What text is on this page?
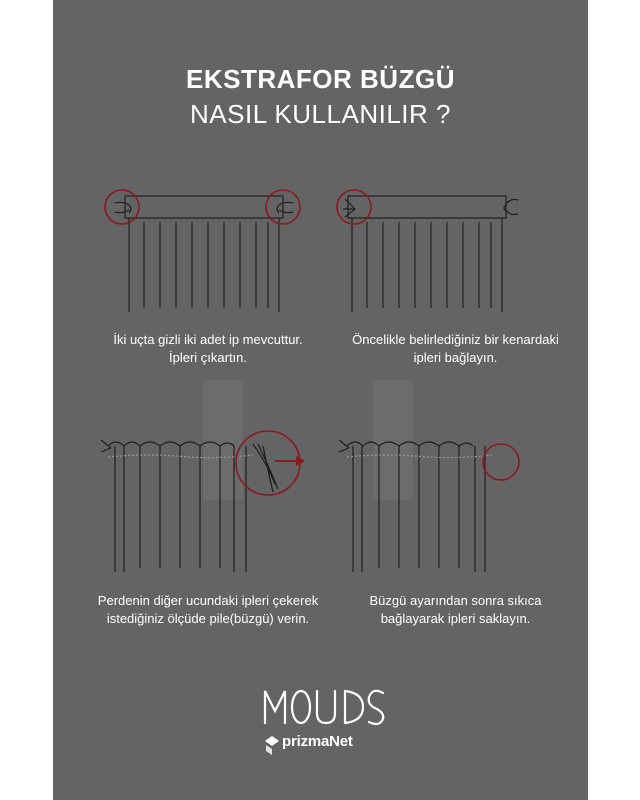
EKSTRAFOR BÜZGÜ
NASIL KULLANILIR ?
İki uçta gizli iki adet ip mevcuttur.
İpleri çıkartın.
Öncelikle belirlediğiniz bir kenardaki
ipleri bağlayın.
Perdenin diğer ucundaki ipleri çekerek
istediğiniz ölçüde pile(büzgü) verin.
Büzgü ayarından sonra sıkıca
bağlayarak ipleri saklayın.
prizmaNet
